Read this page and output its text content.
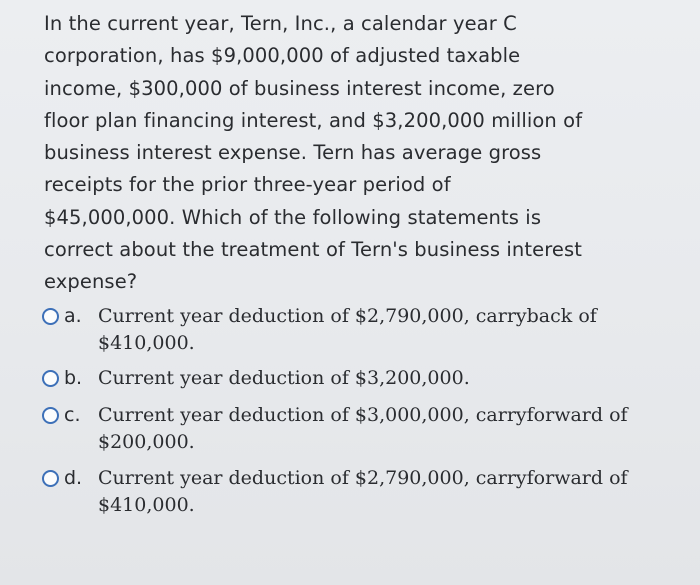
In the current year, Tern, Inc., a calendar year C
corporation, has $9,000,000 of adjusted taxable
income, $300,000 of business interest income, zero
floor plan financing interest, and $3,200,000 million of
business interest expense. Tern has average gross
receipts for the prior three-year period of
$45,000,000. Which of the following statements is
correct about the treatment of Tern's business interest
expense?
a. Current year deduction of $2,790,000, carryback of
$410,000.
b. Current year deduction of $3,200,000.
c. Current year deduction of $3,000,000, carryforward of
$200,000.
d. Current year deduction of $2,790,000, carryforward of
$410,000.
